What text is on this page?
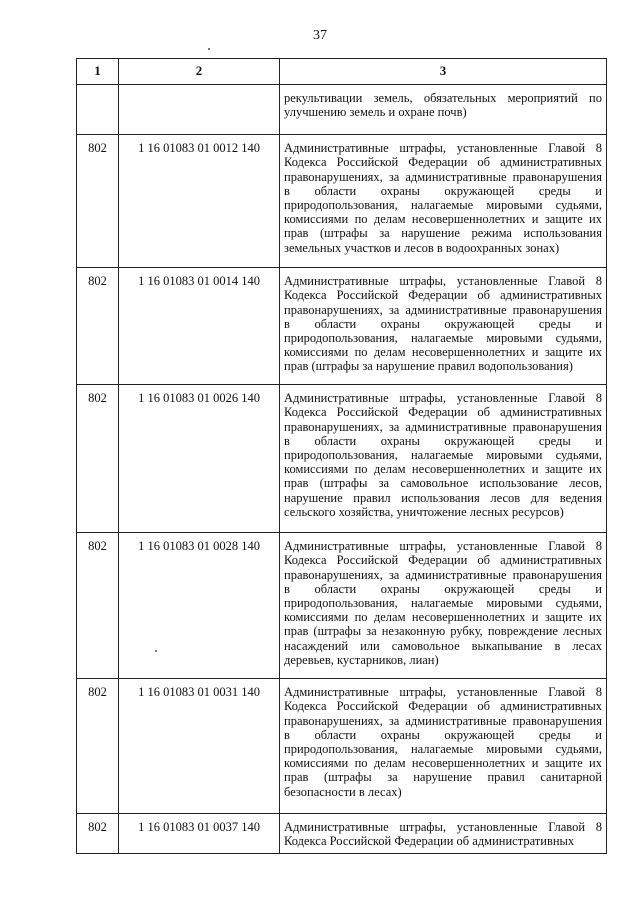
37
1	2	3
		рекультивации земель, обязательных мероприятий по улучшению земель и охране почв)
802	1 16 01083 01 0012 140	Административные штрафы, установленные Главой 8 Кодекса Российской Федерации об административных правонарушениях, за административные правонарушения в области охраны окружающей среды и природопользования, налагаемые мировыми судьями, комиссиями по делам несовершеннолетних и защите их прав (штрафы за нарушение режима использования земельных участков и лесов в водоохранных зонах)
802	1 16 01083 01 0014 140	Административные штрафы, установленные Главой 8 Кодекса Российской Федерации об административных правонарушениях, за административные правонарушения в области охраны окружающей среды и природопользования, налагаемые мировыми судьями, комиссиями по делам несовершеннолетних и защите их прав (штрафы за нарушение правил водопользования)
802	1 16 01083 01 0026 140	Административные штрафы, установленные Главой 8 Кодекса Российской Федерации об административных правонарушениях, за административные правонарушения в области охраны окружающей среды и природопользования, налагаемые мировыми судьями, комиссиями по делам несовершеннолетних и защите их прав (штрафы за самовольное использование лесов, нарушение правил использования лесов для ведения сельского хозяйства, уничтожение лесных ресурсов)
802	1 16 01083 01 0028 140	Административные штрафы, установленные Главой 8 Кодекса Российской Федерации об административных правонарушениях, за административные правонарушения в области охраны окружающей среды и природопользования, налагаемые мировыми судьями, комиссиями по делам несовершеннолетних и защите их прав (штрафы за незаконную рубку, повреждение лесных насаждений или самовольное выкапывание в лесах деревьев, кустарников, лиан)
802	1 16 01083 01 0031 140	Административные штрафы, установленные Главой 8 Кодекса Российской Федерации об административных правонарушениях, за административные правонарушения в области охраны окружающей среды и природопользования, налагаемые мировыми судьями, комиссиями по делам несовершеннолетних и защите их прав (штрафы за нарушение правил санитарной безопасности в лесах)
802	1 16 01083 01 0037 140	Административные штрафы, установленные Главой 8 Кодекса Российской Федерации об административных
